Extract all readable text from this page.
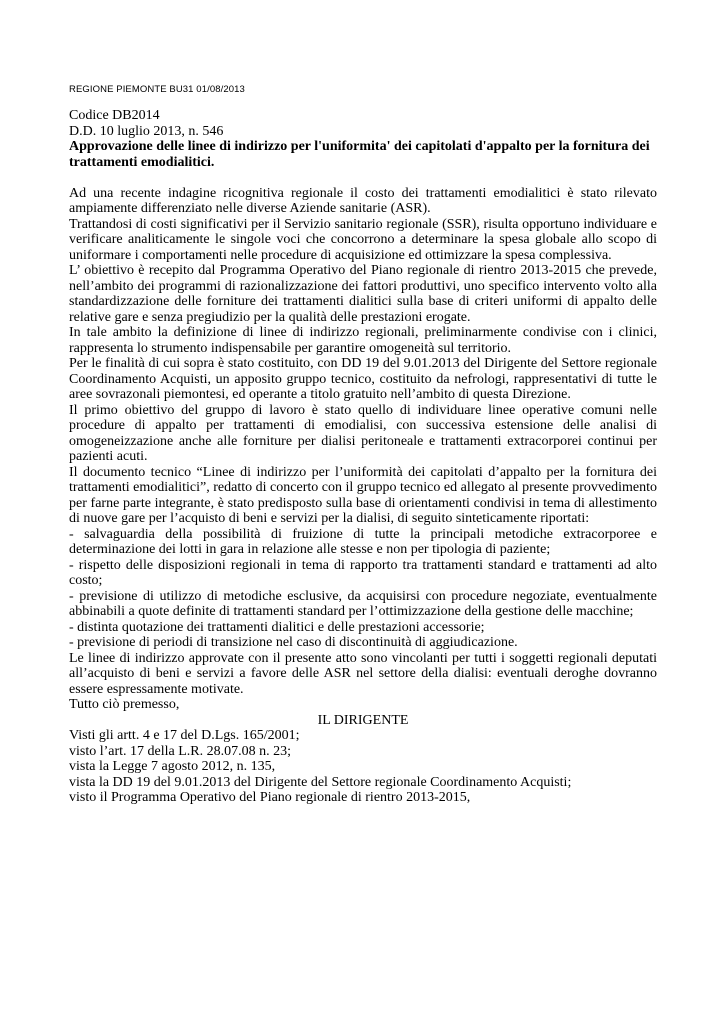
REGIONE PIEMONTE BU31 01/08/2013

Codice DB2014

D.D. 10 luglio 2013, n. 546

Approvazione delle linee di indirizzo per l'uniformita' dei capitolati d'appalto per la fornitura dei trattamenti emodialitici.

Ad una recente indagine ricognitiva regionale il costo dei trattamenti emodialitici è stato rilevato ampiamente differenziato nelle diverse Aziende sanitarie (ASR).

Trattandosi di costi significativi per il Servizio sanitario regionale (SSR), risulta opportuno individuare e verificare analiticamente le singole voci che concorrono a determinare la spesa globale allo scopo di uniformare i comportamenti nelle procedure di acquisizione ed ottimizzare la spesa complessiva.

L’ obiettivo è recepito dal Programma Operativo del Piano regionale di rientro 2013-2015 che prevede, nell’ambito dei programmi di razionalizzazione dei fattori produttivi, uno specifico intervento volto alla standardizzazione delle forniture dei trattamenti dialitici sulla base di criteri uniformi di appalto delle relative gare e senza pregiudizio per la qualità delle prestazioni erogate.

In tale ambito la definizione di linee di indirizzo regionali, preliminarmente condivise con i clinici, rappresenta lo strumento indispensabile per garantire omogeneità sul territorio.

Per le finalità di cui sopra è stato costituito, con DD 19 del 9.01.2013 del Dirigente del Settore regionale Coordinamento Acquisti, un apposito gruppo tecnico, costituito da nefrologi, rappresentativi di tutte le aree sovrazonali piemontesi, ed operante a titolo gratuito nell’ambito di questa Direzione.

Il primo obiettivo del gruppo di lavoro è stato quello di individuare linee operative comuni nelle procedure di appalto per trattamenti di emodialisi, con successiva estensione delle analisi di omogeneizzazione anche alle forniture per dialisi peritoneale e trattamenti extracorporei continui per pazienti acuti.

Il documento tecnico “Linee di indirizzo per l’uniformità dei capitolati d’appalto per la fornitura dei trattamenti emodialitici”, redatto di concerto con il gruppo tecnico ed allegato al presente provvedimento per farne parte integrante, è stato predisposto sulla base di orientamenti condivisi in tema di allestimento di nuove gare per l’acquisto di beni e servizi per la dialisi, di seguito sinteticamente riportati:

- salvaguardia della possibilità di fruizione di tutte la principali metodiche extracorporee e determinazione dei lotti in gara in relazione alle stesse e non per tipologia di paziente;

- rispetto delle disposizioni regionali in tema di rapporto tra trattamenti standard e trattamenti ad alto costo;

- previsione di utilizzo di metodiche esclusive, da acquisirsi con procedure negoziate, eventualmente abbinabili a quote definite di trattamenti standard per l’ottimizzazione della gestione delle macchine;

- distinta quotazione dei trattamenti dialitici e delle prestazioni accessorie;

- previsione di periodi di transizione nel caso di discontinuità di aggiudicazione.

Le linee di indirizzo approvate con il presente atto sono vincolanti per tutti i soggetti regionali deputati all’acquisto di beni e servizi a favore delle ASR nel settore della dialisi: eventuali deroghe dovranno essere espressamente motivate.

Tutto ciò premesso,

IL DIRIGENTE

Visti gli artt. 4 e 17 del D.Lgs. 165/2001;

visto l’art. 17 della L.R. 28.07.08 n. 23;

vista la Legge 7 agosto 2012, n. 135,

vista la DD 19 del 9.01.2013 del Dirigente del Settore regionale Coordinamento Acquisti;

visto il Programma Operativo del Piano regionale di rientro 2013-2015,
